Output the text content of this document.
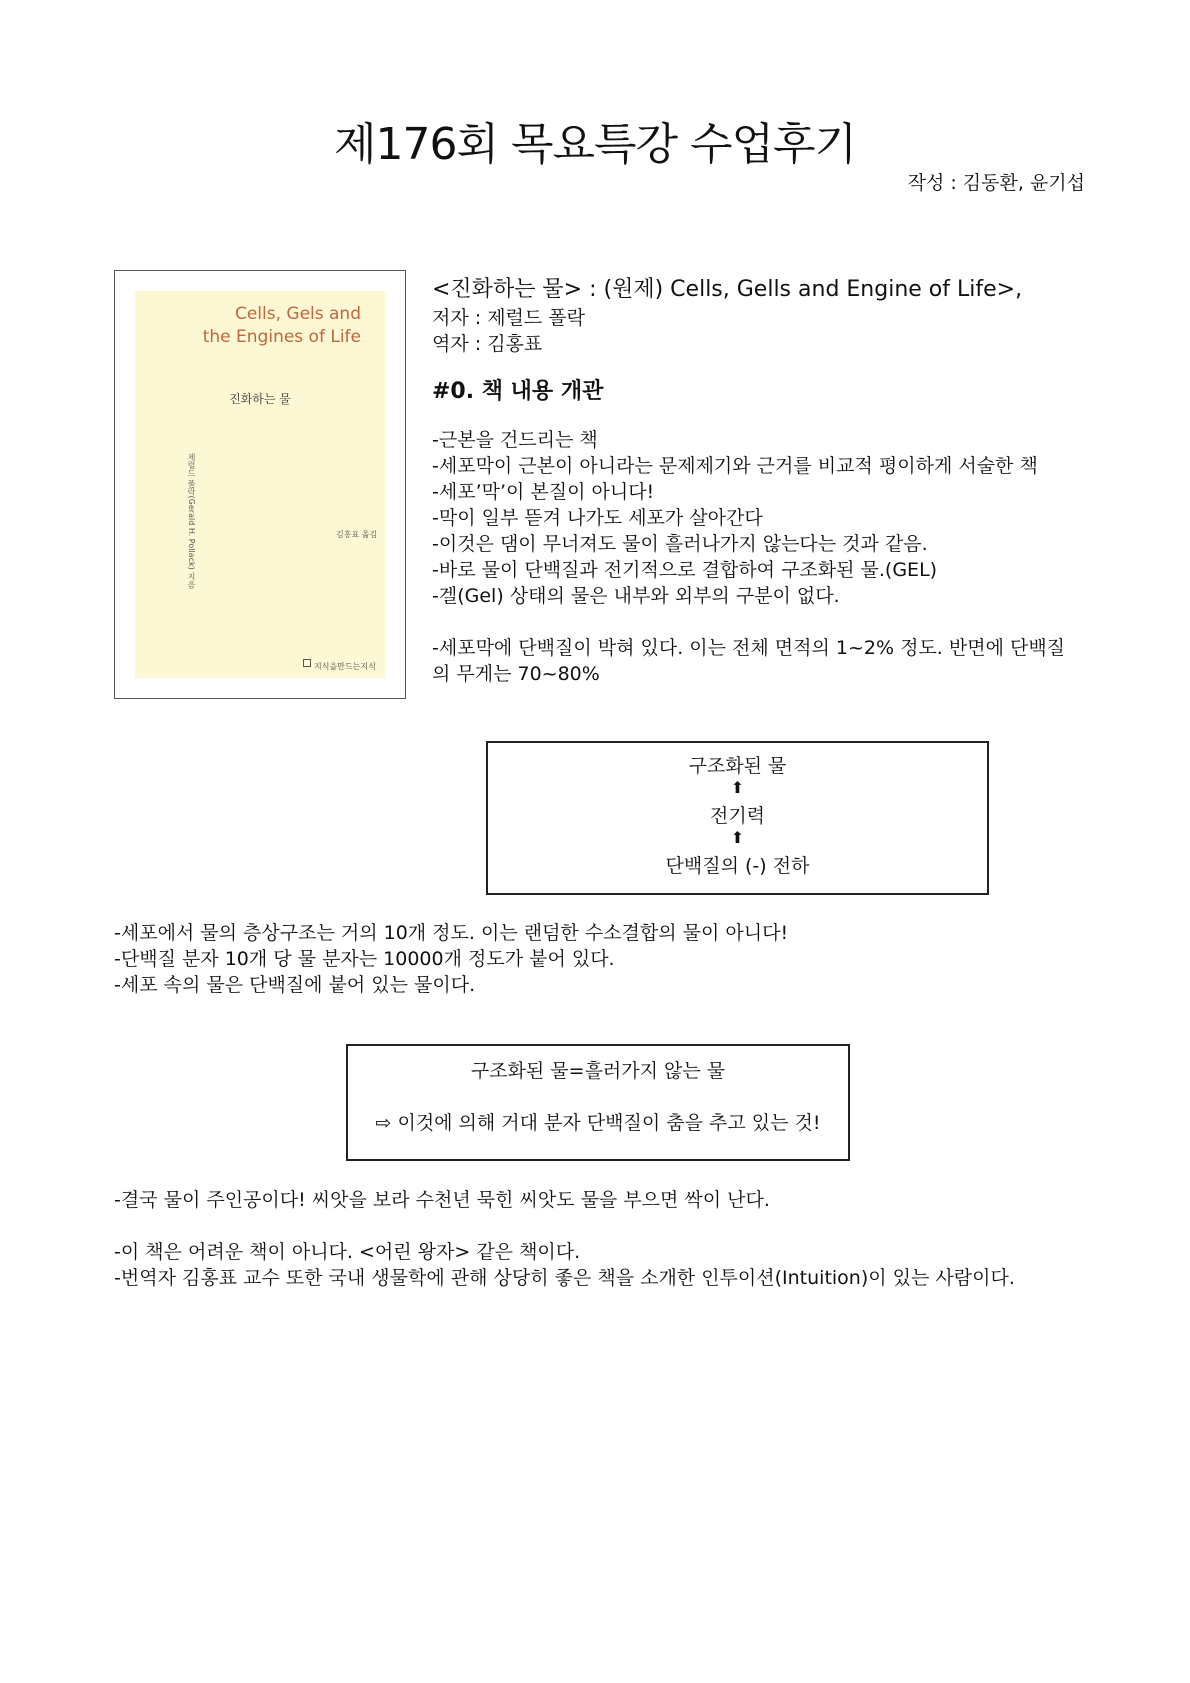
제176회 목요특강 수업후기
작성 : 김동환, 윤기섭
Cells, Gels and
the Engines of Life
진화하는 물
제럴드 폴락(Gerald H. Pollack) 지음	김홍표 옮김
지식을만드는지식
<진화하는 물> : (원제) Cells, Gells and Engine of Life>,
저자 : 제럴드 폴락
역자 : 김홍표
#0. 책 내용 개관
-근본을 건드리는 책
-세포막이 근본이 아니라는 문제제기와 근거를 비교적 평이하게 서술한 책
-세포’막’이 본질이 아니다!
-막이 일부 뜯겨 나가도 세포가 살아간다
-이것은 댐이 무너져도 물이 흘러나가지 않는다는 것과 같음.
-바로 물이 단백질과 전기적으로 결합하여 구조화된 물.(GEL)
-겔(Gel) 상태의 물은 내부와 외부의 구분이 없다.
-세포막에 단백질이 박혀 있다. 이는 전체 면적의 1~2% 정도. 반면에 단백질
의 무게는 70~80%
구조화된 물
⬆
전기력
⬆
단백질의 (-) 전하
-세포에서 물의 층상구조는 거의 10개 정도. 이는 랜덤한 수소결합의 물이 아니다!
-단백질 분자 10개 당 물 분자는 10000개 정도가 붙어 있다.
-세포 속의 물은 단백질에 붙어 있는 물이다.
구조화된 물=흘러가지 않는 물
⇨ 이것에 의해 거대 분자 단백질이 춤을 추고 있는 것!
-결국 물이 주인공이다! 씨앗을 보라 수천년 묵힌 씨앗도 물을 부으면 싹이 난다.
-이 책은 어려운 책이 아니다. <어린 왕자> 같은 책이다.
-번역자 김홍표 교수 또한 국내 생물학에 관해 상당히 좋은 책을 소개한 인투이션(Intuition)이 있는 사람이다.
